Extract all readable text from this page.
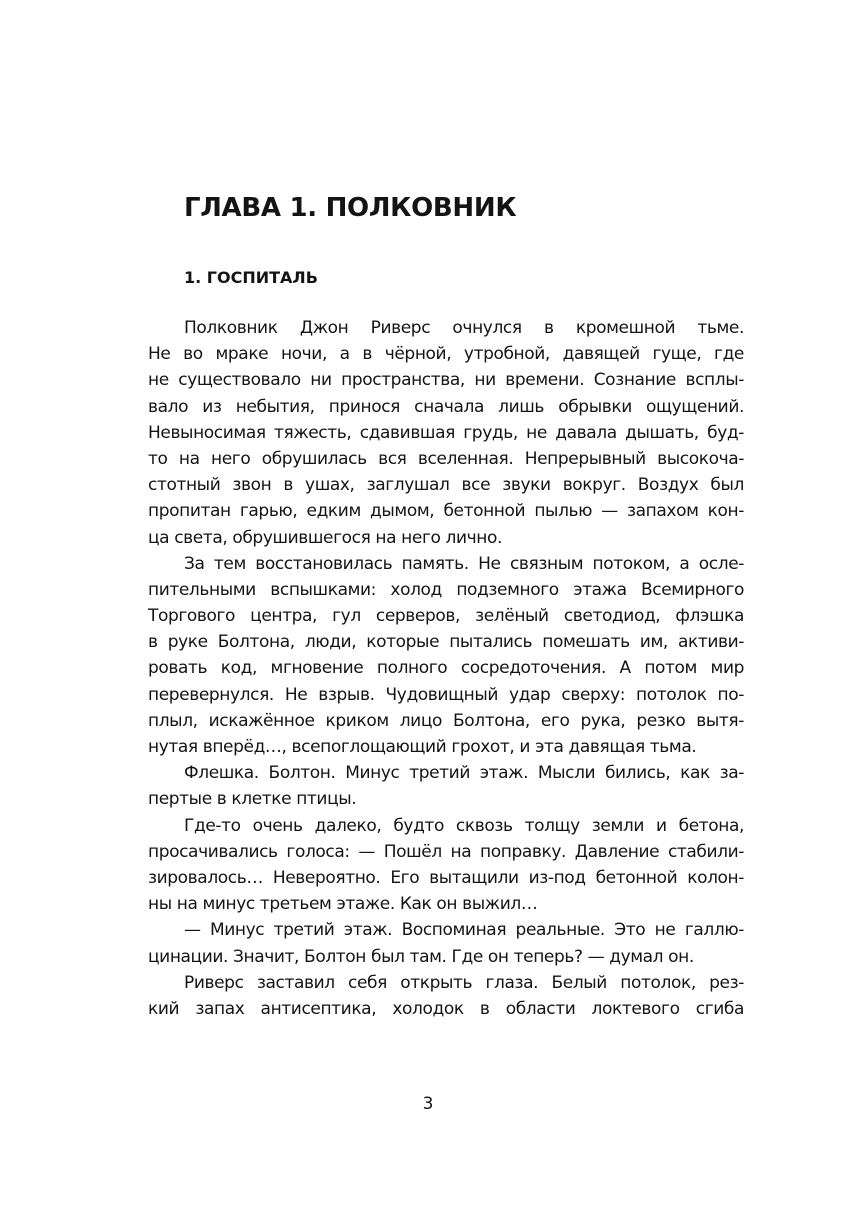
ГЛАВА 1. ПОЛКОВНИК
1. ГОСПИТАЛЬ
Полковник Джон Риверс очнулся в кромешной тьме.
Не во мраке ночи, а в чёрной, утробной, давящей гуще, где
не существовало ни пространства, ни времени. Сознание всплы-
вало из небытия, принося сначала лишь обрывки ощущений.
Невыносимая тяжесть, сдавившая грудь, не давала дышать, буд-
то на него обрушилась вся вселенная. Непрерывный высокоча-
стотный звон в ушах, заглушал все звуки вокруг. Воздух был
пропитан гарью, едким дымом, бетонной пылью — запахом кон-
ца света, обрушившегося на него лично.
За тем восстановилась память. Не связным потоком, а осле-
пительными вспышками: холод подземного этажа Всемирного
Торгового центра, гул серверов, зелёный светодиод, флэшка
в руке Болтона, люди, которые пытались помешать им, активи-
ровать код, мгновение полного сосредоточения. А потом мир
перевернулся. Не взрыв. Чудовищный удар сверху: потолок по-
плыл, искажённое криком лицо Болтона, его рука, резко вытя-
нутая вперёд…, всепоглощающий грохот, и эта давящая тьма.
Флешка. Болтон. Минус третий этаж. Мысли бились, как за-
пертые в клетке птицы.
Где-то очень далеко, будто сквозь толщу земли и бетона,
просачивались голоса: — Пошёл на поправку. Давление стабили-
зировалось… Невероятно. Его вытащили из-под бетонной колон-
ны на минус третьем этаже. Как он выжил…
— Минус третий этаж. Воспоминая реальные. Это не галлю-
цинации. Значит, Болтон был там. Где он теперь? — думал он.
Риверс заставил себя открыть глаза. Белый потолок, рез-
кий запах антисептика, холодок в области локтевого сгиба
3
